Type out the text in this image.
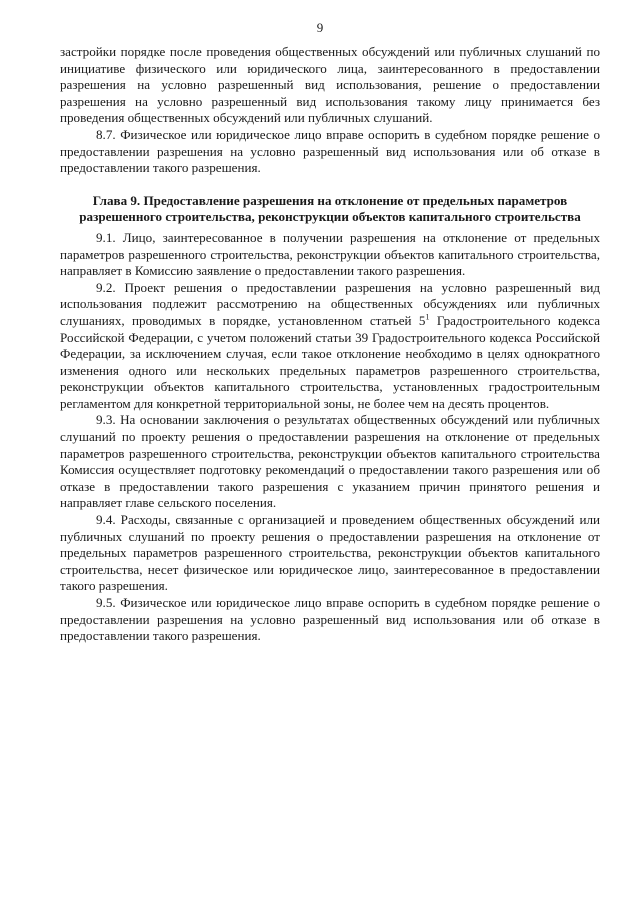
9

застройки порядке после проведения общественных обсуждений или публичных слушаний по инициативе физического или юридического лица, заинтересованного в предоставлении разрешения на условно разрешенный вид использования, решение о предоставлении разрешения на условно разрешенный вид использования такому лицу принимается без проведения общественных обсуждений или публичных слушаний.

8.7. Физическое или юридическое лицо вправе оспорить в судебном порядке решение о предоставлении разрешения на условно разрешенный вид использования или об отказе в предоставлении такого разрешения.

Глава 9. Предоставление разрешения на отклонение от предельных параметров разрешенного строительства, реконструкции объектов капитального строительства

9.1. Лицо, заинтересованное в получении разрешения на отклонение от предельных параметров разрешенного строительства, реконструкции объектов капитального строительства, направляет в Комиссию заявление о предоставлении такого разрешения.

9.2. Проект решения о предоставлении разрешения на условно разрешенный вид использования подлежит рассмотрению на общественных обсуждениях или публичных слушаниях, проводимых в порядке, установленном статьей $5^1$ Градостроительного кодекса Российской Федерации, с учетом положений статьи 39 Градостроительного кодекса Российской Федерации, за исключением случая, если такое отклонение необходимо в целях однократного изменения одного или нескольких предельных параметров разрешенного строительства, реконструкции объектов капитального строительства, установленных градостроительным регламентом для конкретной территориальной зоны, не более чем на десять процентов.

9.3. На основании заключения о результатах общественных обсуждений или публичных слушаний по проекту решения о предоставлении разрешения на отклонение от предельных параметров разрешенного строительства, реконструкции объектов капитального строительства Комиссия осуществляет подготовку рекомендаций о предоставлении такого разрешения или об отказе в предоставлении такого разрешения с указанием причин принятого решения и направляет главе сельского поселения.

9.4. Расходы, связанные с организацией и проведением общественных обсуждений или публичных слушаний по проекту решения о предоставлении разрешения на отклонение от предельных параметров разрешенного строительства, реконструкции объектов капитального строительства, несет физическое или юридическое лицо, заинтересованное в предоставлении такого разрешения.

9.5. Физическое или юридическое лицо вправе оспорить в судебном порядке решение о предоставлении разрешения на условно разрешенный вид использования или об отказе в предоставлении такого разрешения.
